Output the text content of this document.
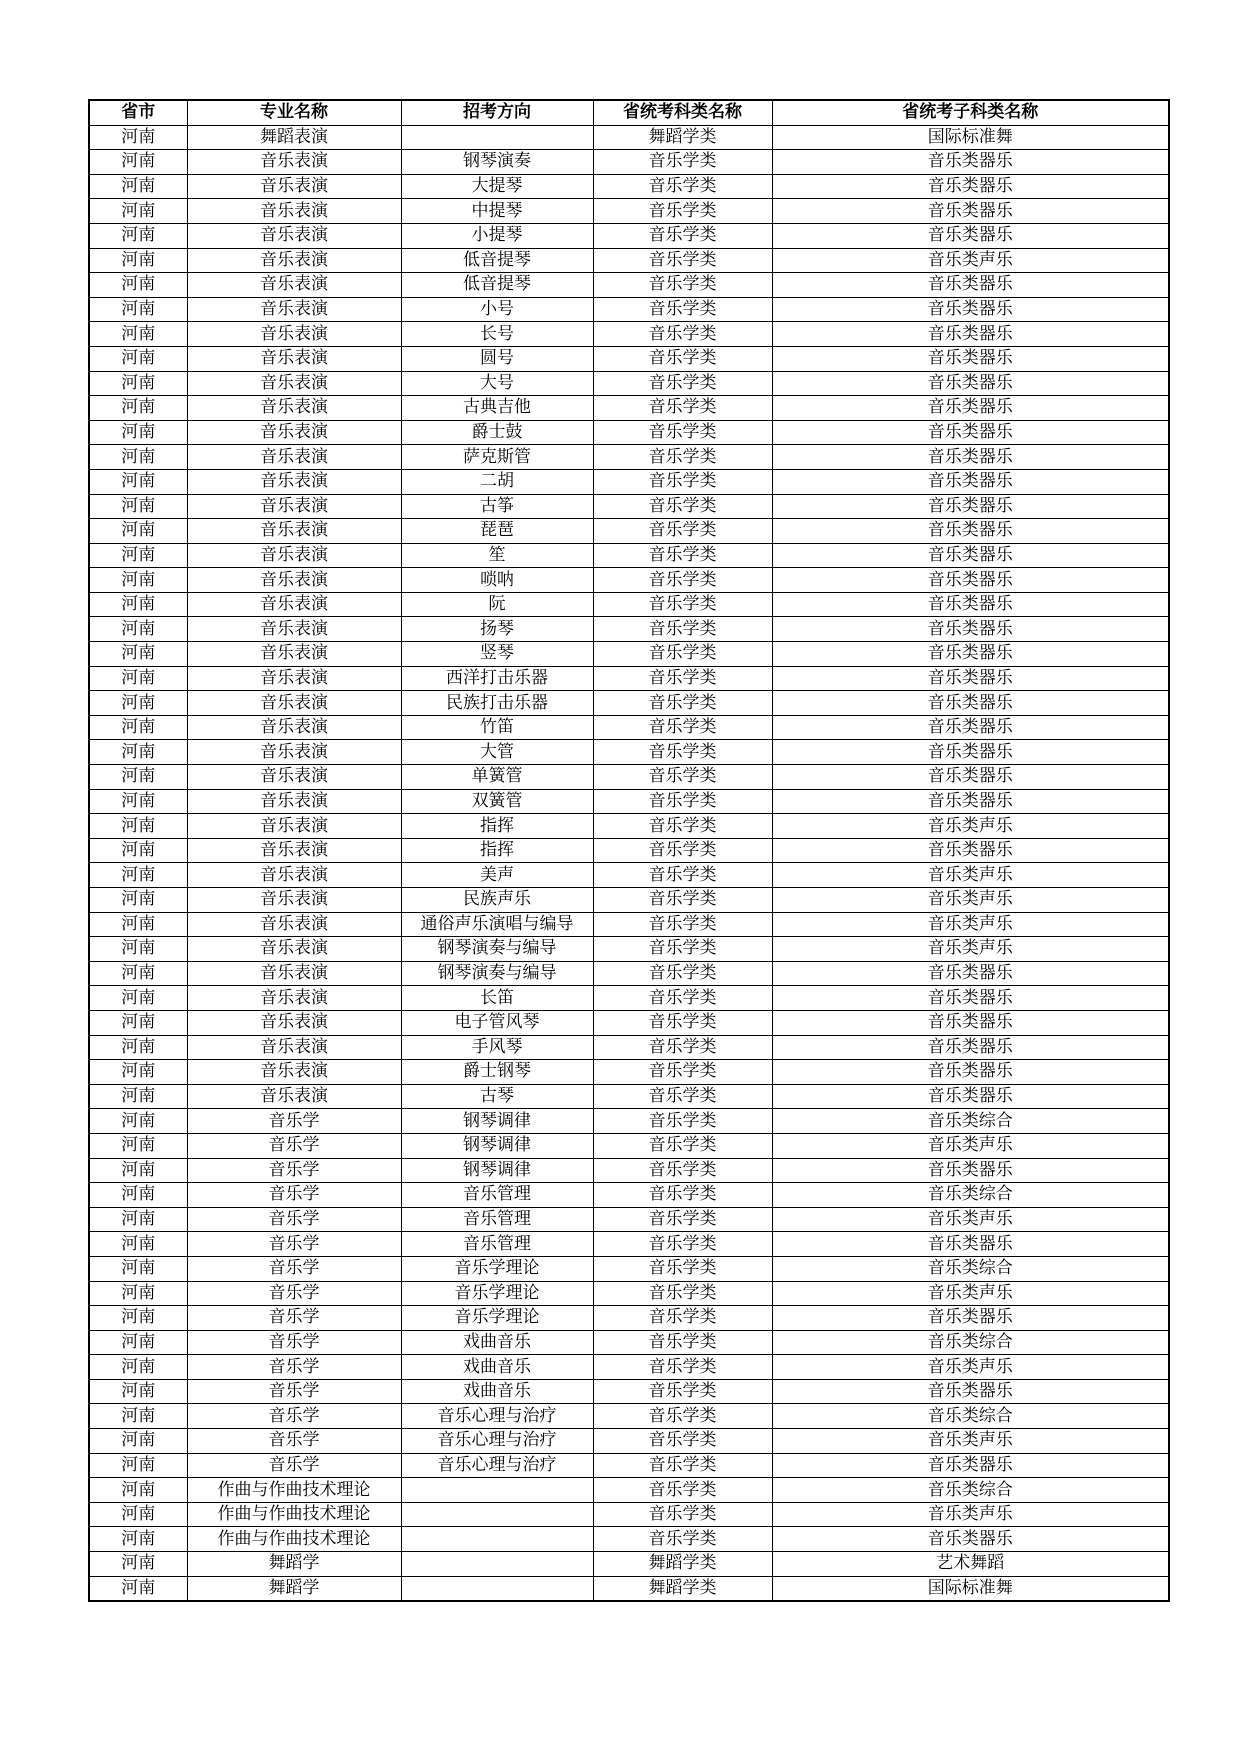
省市	专业名称	招考方向	省统考科类名称	省统考子科类名称
河南	舞蹈表演		舞蹈学类	国际标准舞
河南	音乐表演	钢琴演奏	音乐学类	音乐类器乐
河南	音乐表演	大提琴	音乐学类	音乐类器乐
河南	音乐表演	中提琴	音乐学类	音乐类器乐
河南	音乐表演	小提琴	音乐学类	音乐类器乐
河南	音乐表演	低音提琴	音乐学类	音乐类声乐
河南	音乐表演	低音提琴	音乐学类	音乐类器乐
河南	音乐表演	小号	音乐学类	音乐类器乐
河南	音乐表演	长号	音乐学类	音乐类器乐
河南	音乐表演	圆号	音乐学类	音乐类器乐
河南	音乐表演	大号	音乐学类	音乐类器乐
河南	音乐表演	古典吉他	音乐学类	音乐类器乐
河南	音乐表演	爵士鼓	音乐学类	音乐类器乐
河南	音乐表演	萨克斯管	音乐学类	音乐类器乐
河南	音乐表演	二胡	音乐学类	音乐类器乐
河南	音乐表演	古筝	音乐学类	音乐类器乐
河南	音乐表演	琵琶	音乐学类	音乐类器乐
河南	音乐表演	笙	音乐学类	音乐类器乐
河南	音乐表演	唢呐	音乐学类	音乐类器乐
河南	音乐表演	阮	音乐学类	音乐类器乐
河南	音乐表演	扬琴	音乐学类	音乐类器乐
河南	音乐表演	竖琴	音乐学类	音乐类器乐
河南	音乐表演	西洋打击乐器	音乐学类	音乐类器乐
河南	音乐表演	民族打击乐器	音乐学类	音乐类器乐
河南	音乐表演	竹笛	音乐学类	音乐类器乐
河南	音乐表演	大管	音乐学类	音乐类器乐
河南	音乐表演	单簧管	音乐学类	音乐类器乐
河南	音乐表演	双簧管	音乐学类	音乐类器乐
河南	音乐表演	指挥	音乐学类	音乐类声乐
河南	音乐表演	指挥	音乐学类	音乐类器乐
河南	音乐表演	美声	音乐学类	音乐类声乐
河南	音乐表演	民族声乐	音乐学类	音乐类声乐
河南	音乐表演	通俗声乐演唱与编导	音乐学类	音乐类声乐
河南	音乐表演	钢琴演奏与编导	音乐学类	音乐类声乐
河南	音乐表演	钢琴演奏与编导	音乐学类	音乐类器乐
河南	音乐表演	长笛	音乐学类	音乐类器乐
河南	音乐表演	电子管风琴	音乐学类	音乐类器乐
河南	音乐表演	手风琴	音乐学类	音乐类器乐
河南	音乐表演	爵士钢琴	音乐学类	音乐类器乐
河南	音乐表演	古琴	音乐学类	音乐类器乐
河南	音乐学	钢琴调律	音乐学类	音乐类综合
河南	音乐学	钢琴调律	音乐学类	音乐类声乐
河南	音乐学	钢琴调律	音乐学类	音乐类器乐
河南	音乐学	音乐管理	音乐学类	音乐类综合
河南	音乐学	音乐管理	音乐学类	音乐类声乐
河南	音乐学	音乐管理	音乐学类	音乐类器乐
河南	音乐学	音乐学理论	音乐学类	音乐类综合
河南	音乐学	音乐学理论	音乐学类	音乐类声乐
河南	音乐学	音乐学理论	音乐学类	音乐类器乐
河南	音乐学	戏曲音乐	音乐学类	音乐类综合
河南	音乐学	戏曲音乐	音乐学类	音乐类声乐
河南	音乐学	戏曲音乐	音乐学类	音乐类器乐
河南	音乐学	音乐心理与治疗	音乐学类	音乐类综合
河南	音乐学	音乐心理与治疗	音乐学类	音乐类声乐
河南	音乐学	音乐心理与治疗	音乐学类	音乐类器乐
河南	作曲与作曲技术理论		音乐学类	音乐类综合
河南	作曲与作曲技术理论		音乐学类	音乐类声乐
河南	作曲与作曲技术理论		音乐学类	音乐类器乐
河南	舞蹈学		舞蹈学类	艺术舞蹈
河南	舞蹈学		舞蹈学类	国际标准舞
